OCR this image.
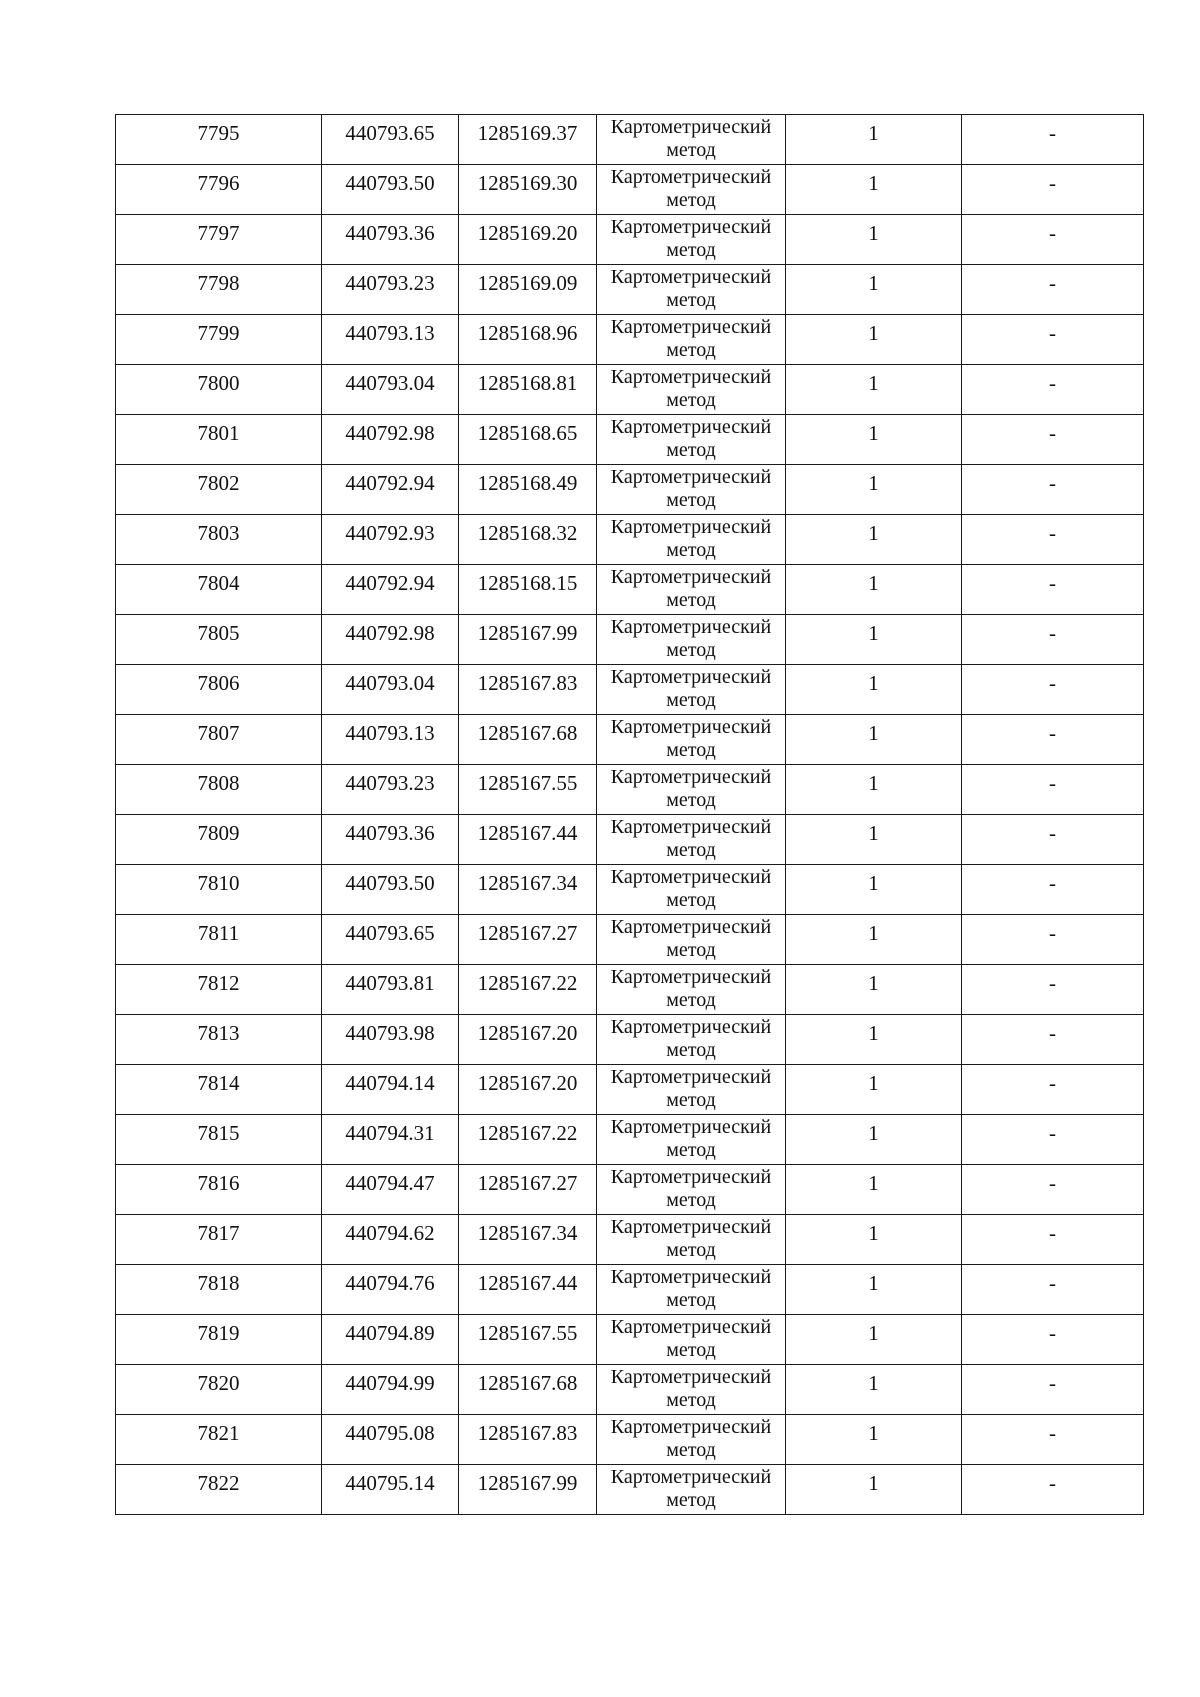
7795	440793.65	1285169.37	Картометрический метод	1	-
7796	440793.50	1285169.30	Картометрический метод	1	-
7797	440793.36	1285169.20	Картометрический метод	1	-
7798	440793.23	1285169.09	Картометрический метод	1	-
7799	440793.13	1285168.96	Картометрический метод	1	-
7800	440793.04	1285168.81	Картометрический метод	1	-
7801	440792.98	1285168.65	Картометрический метод	1	-
7802	440792.94	1285168.49	Картометрический метод	1	-
7803	440792.93	1285168.32	Картометрический метод	1	-
7804	440792.94	1285168.15	Картометрический метод	1	-
7805	440792.98	1285167.99	Картометрический метод	1	-
7806	440793.04	1285167.83	Картометрический метод	1	-
7807	440793.13	1285167.68	Картометрический метод	1	-
7808	440793.23	1285167.55	Картометрический метод	1	-
7809	440793.36	1285167.44	Картометрический метод	1	-
7810	440793.50	1285167.34	Картометрический метод	1	-
7811	440793.65	1285167.27	Картометрический метод	1	-
7812	440793.81	1285167.22	Картометрический метод	1	-
7813	440793.98	1285167.20	Картометрический метод	1	-
7814	440794.14	1285167.20	Картометрический метод	1	-
7815	440794.31	1285167.22	Картометрический метод	1	-
7816	440794.47	1285167.27	Картометрический метод	1	-
7817	440794.62	1285167.34	Картометрический метод	1	-
7818	440794.76	1285167.44	Картометрический метод	1	-
7819	440794.89	1285167.55	Картометрический метод	1	-
7820	440794.99	1285167.68	Картометрический метод	1	-
7821	440795.08	1285167.83	Картометрический метод	1	-
7822	440795.14	1285167.99	Картометрический метод	1	-
